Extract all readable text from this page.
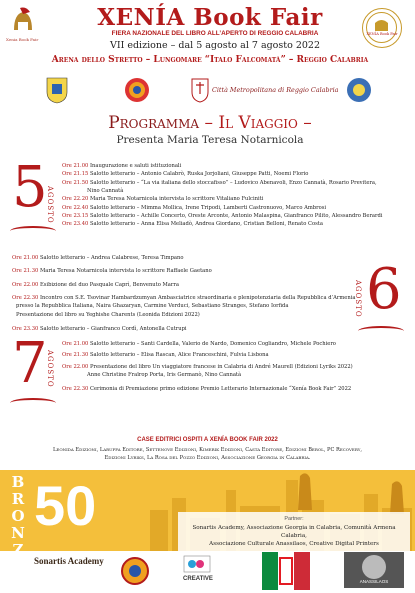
Xenia Book Fair
XENÍA Book Fair
FIERA NAZIONALE DEL LIBRO ALL’APERTO DI REGGIO CALABRIA
VII edizione – dal 5 agosto al 7 agosto 2022
Arena dello Stretto – Lungomare “Italo Falcomatà” – Reggio Calabria
XENÍA Book Fair
Città Metropolitana di Reggio Calabria
Programma – Il Viaggio –
Presenta Maria Teresa Notarnicola
5
AGOSTO
Ore 21.00 Inaugurazione e saluti istituzionali
Ore 21.15 Salotto letterario – Antonio Calabrò, Ruska Jorjoliani, Giuseppe Patti, Noemi Florio
Ore 21.50 Salotto letterario – “La via italiana dello stoccafisso” – Ludovico Abenavoli, Enzo Cannatà, Rosario Previtera,
Nino Cannatà
Ore 22.20 Maria Teresa Notarnicola intervista lo scrittore Vitaliano Fulciniti
Ore 22.40 Salotto letterario – Mimma Mollica, Irene Tripodi, Lamberti Castronuovo, Marco Ambrosi
Ore 23.15 Salotto letterario – Achille Concerto, Oreste Arconte, Antonio Malaspina, Gianfranco Pilito, Alessandro Berardi
Ore 23.40 Salotto letterario – Anna Elisa Meliadò, Andrea Giordano, Cristian Belloni, Renato Costa
6
AGOSTO
Ore 21.00 Salotto letterario – Andrea Calabrese, Teresa Timpano
Ore 21.30 Maria Teresa Notarnicola intervista lo scrittore Raffaele Gaetano
Ore 22.00 Esibizione del duo Pasquale Caprì, Benvenuto Marra
Ore 22.30 Incontro con S.E. Tsovinar Hambardzumyan Ambasciatrice straordinaria e plenipotenziaria della Repubblica d’Armenia
presso la Repubblica Italiana, Naira Ghazaryan, Carmine Verduci, Sebastiano Stranges, Stefano Iorfida
Presentazione del libro su Yeghishe Charents (Leonida Edizioni 2022)
Ore 23.30 Salotto letterario – Gianfranco Cordì, Antonella Cutrupi
7
AGOSTO
Ore 21.00 Salotto letterario – Santi Cardella, Valerio de Nardo, Domenico Cogliandro, Michele Pochiero
Ore 21.30 Salotto letterario – Elisa Rascan, Alice Franceschini, Fulvia Lisbona
Ore 22.00 Presentazione del libro Un viaggiatore francese in Calabria di André Maurell (Edizioni Lyriks 2022)
Anne Christine Fraïrop Porta, Iris Germanò, Nino Cannatà
Ore 22.30 Cerimonia di Premiazione primo edizione Premio Letterario Internazionale “Xenía Book Fair” 2022
CASE EDITRICI OSPITI A XENÍA BOOK FAIR 2022
Leonida Edizioni, Laruffa Editore, Settenove Edizioni, Kimerik Edizioni, Casta Editore, Edizioni Berol, PC Recovery,
Edizioni Lyriks, La Rosa del Pozzo Edizioni, Associazione Georgia in Calabria.
B
R
O
N
Z
I
50	Partner:
Sonartis Academy, Associazione Georgia in Calabria, Comunità Armena Calabria,
Associazione Culturale Anassilaos, Creative Digital Printers
Sonartis Academy
CREATIVE	ANASSILAOS
